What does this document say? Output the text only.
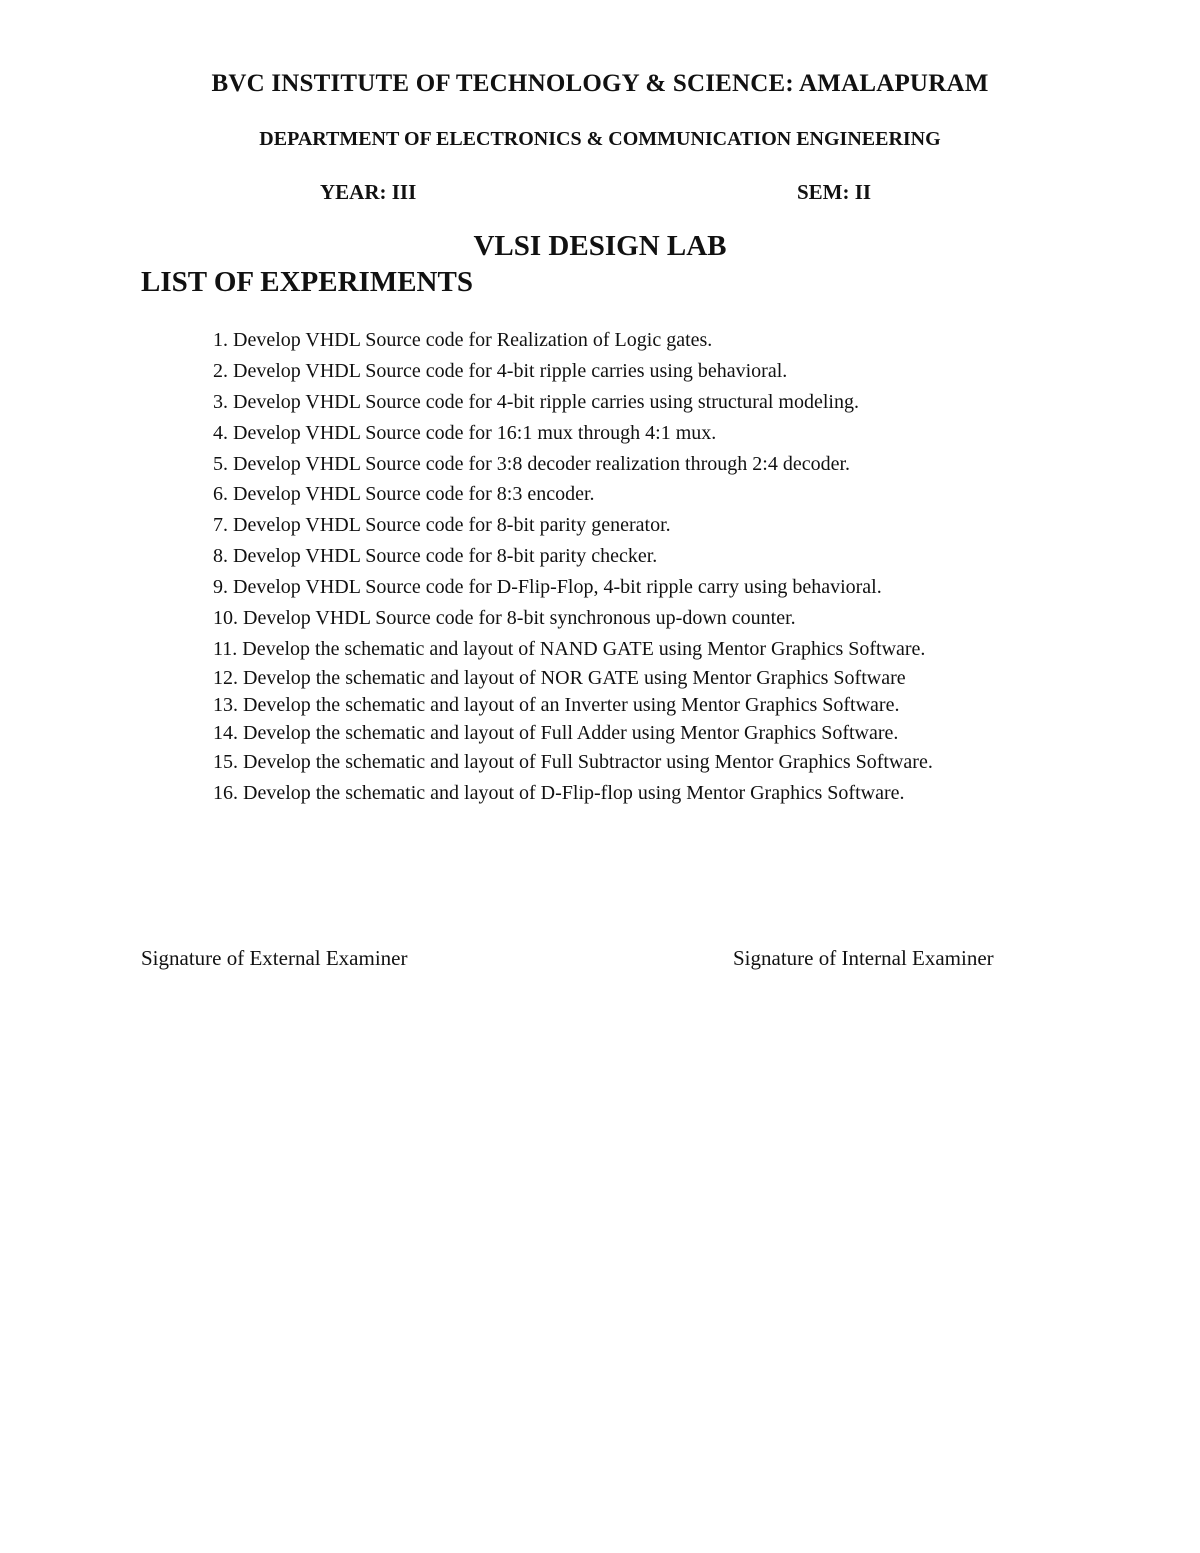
BVC INSTITUTE OF TECHNOLOGY & SCIENCE: AMALAPURAM
DEPARTMENT OF ELECTRONICS & COMMUNICATION ENGINEERING
YEAR: III	SEM: II
VLSI DESIGN LAB
LIST OF EXPERIMENTS
1. Develop VHDL Source code for Realization of Logic gates.
2. Develop VHDL Source code for 4-bit ripple carries using behavioral.
3. Develop VHDL Source code for 4-bit ripple carries using structural modeling.
4. Develop VHDL Source code for 16:1 mux through 4:1 mux.
5. Develop VHDL Source code for 3:8 decoder realization through 2:4 decoder.
6. Develop VHDL Source code for 8:3 encoder.
7. Develop VHDL Source code for 8-bit parity generator.
8. Develop VHDL Source code for 8-bit parity checker.
9. Develop VHDL Source code for D-Flip-Flop, 4-bit ripple carry using behavioral.
10. Develop VHDL Source code for 8-bit synchronous up-down counter.
11. Develop the schematic and layout of NAND GATE using Mentor Graphics Software.
12. Develop the schematic and layout of NOR GATE using Mentor Graphics Software
13. Develop the schematic and layout of an Inverter using Mentor Graphics Software.
14. Develop the schematic and layout of Full Adder using Mentor Graphics Software.
15. Develop the schematic and layout of Full Subtractor using Mentor Graphics Software.
16. Develop the schematic and layout of D-Flip-flop using Mentor Graphics Software.
Signature of External Examiner	Signature of Internal Examiner
